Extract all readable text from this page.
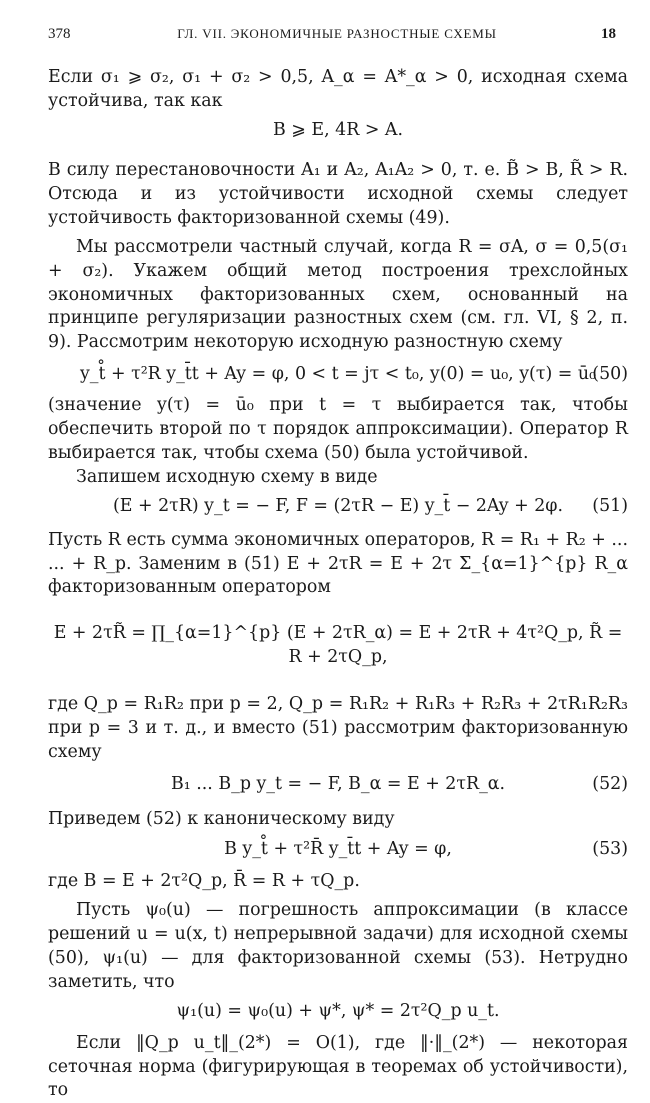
378	ГЛ. VII. ЭКОНОМИЧНЫЕ РАЗНОСТНЫЕ СХЕМЫ	18

Если σ₁ ⩾ σ₂, σ₁ + σ₂ > 0,5, A_α = A*_α > 0, исходная схема устойчива, так как

B ⩾ E, 4R > A.

В силу перестановочности A₁ и A₂, A₁A₂ > 0, т. е. B̃ > B, R̃ > R. Отсюда и из устойчивости исходной схемы следует устойчивость факторизованной схемы (49).

Мы рассмотрели частный случай, когда R = σA, σ = 0,5(σ₁ + σ₂). Укажем общий метод построения трехслойных экономичных факторизованных схем, основанный на принципе регуляризации разностных схем (см. гл. VI, § 2, п. 9). Рассмотрим некоторую исходную разностную схему

y_t̊ + τ²R y_t̄t + Ay = φ, 0 < t = jτ < t₀, y(0) = u₀, y(τ) = ū₀
(50)

(значение y(τ) = ū₀ при t = τ выбирается так, чтобы обеспечить второй по τ порядок аппроксимации). Оператор R выбирается так, чтобы схема (50) была устойчивой.

Запишем исходную схему в виде

(E + 2τR) y_t = − F, F = (2τR − E) y_t̄ − 2Ay + 2φ. (51)

Пусть R есть сумма экономичных операторов, R = R₁ + R₂ + ... ... + R_p. Заменим в (51) E + 2τR = E + 2τ Σ_{α=1}^{p} R_α факторизованным оператором

E + 2τR̃ = ∏_{α=1}^{p} (E + 2τR_α) = E + 2τR + 4τ²Q_p, R̃ = R + 2τQ_p,

где Q_p = R₁R₂ при p = 2, Q_p = R₁R₂ + R₁R₃ + R₂R₃ + 2τR₁R₂R₃ при p = 3 и т. д., и вместо (51) рассмотрим факторизованную схему

B₁ ... B_p y_t = − F, B_α = E + 2τR_α.	(52)

Приведем (52) к каноническому виду

B y_t̊ + τ²R̄ y_t̄t + Ay = φ,	(53)

где B = E + 2τ²Q_p, R̄ = R + τQ_p.

Пусть ψ₀(u) — погрешность аппроксимации (в классе решений u = u(x, t) непрерывной задачи) для исходной схемы (50), ψ₁(u) — для факторизованной схемы (53). Нетрудно заметить, что

ψ₁(u) = ψ₀(u) + ψ*, ψ* = 2τ²Q_p u_t.

Если ‖Q_p u_t‖_(2*) = O(1), где ‖·‖_(2*) — некоторая сеточная норма (фигурирующая в теоремах об устойчивости), то
